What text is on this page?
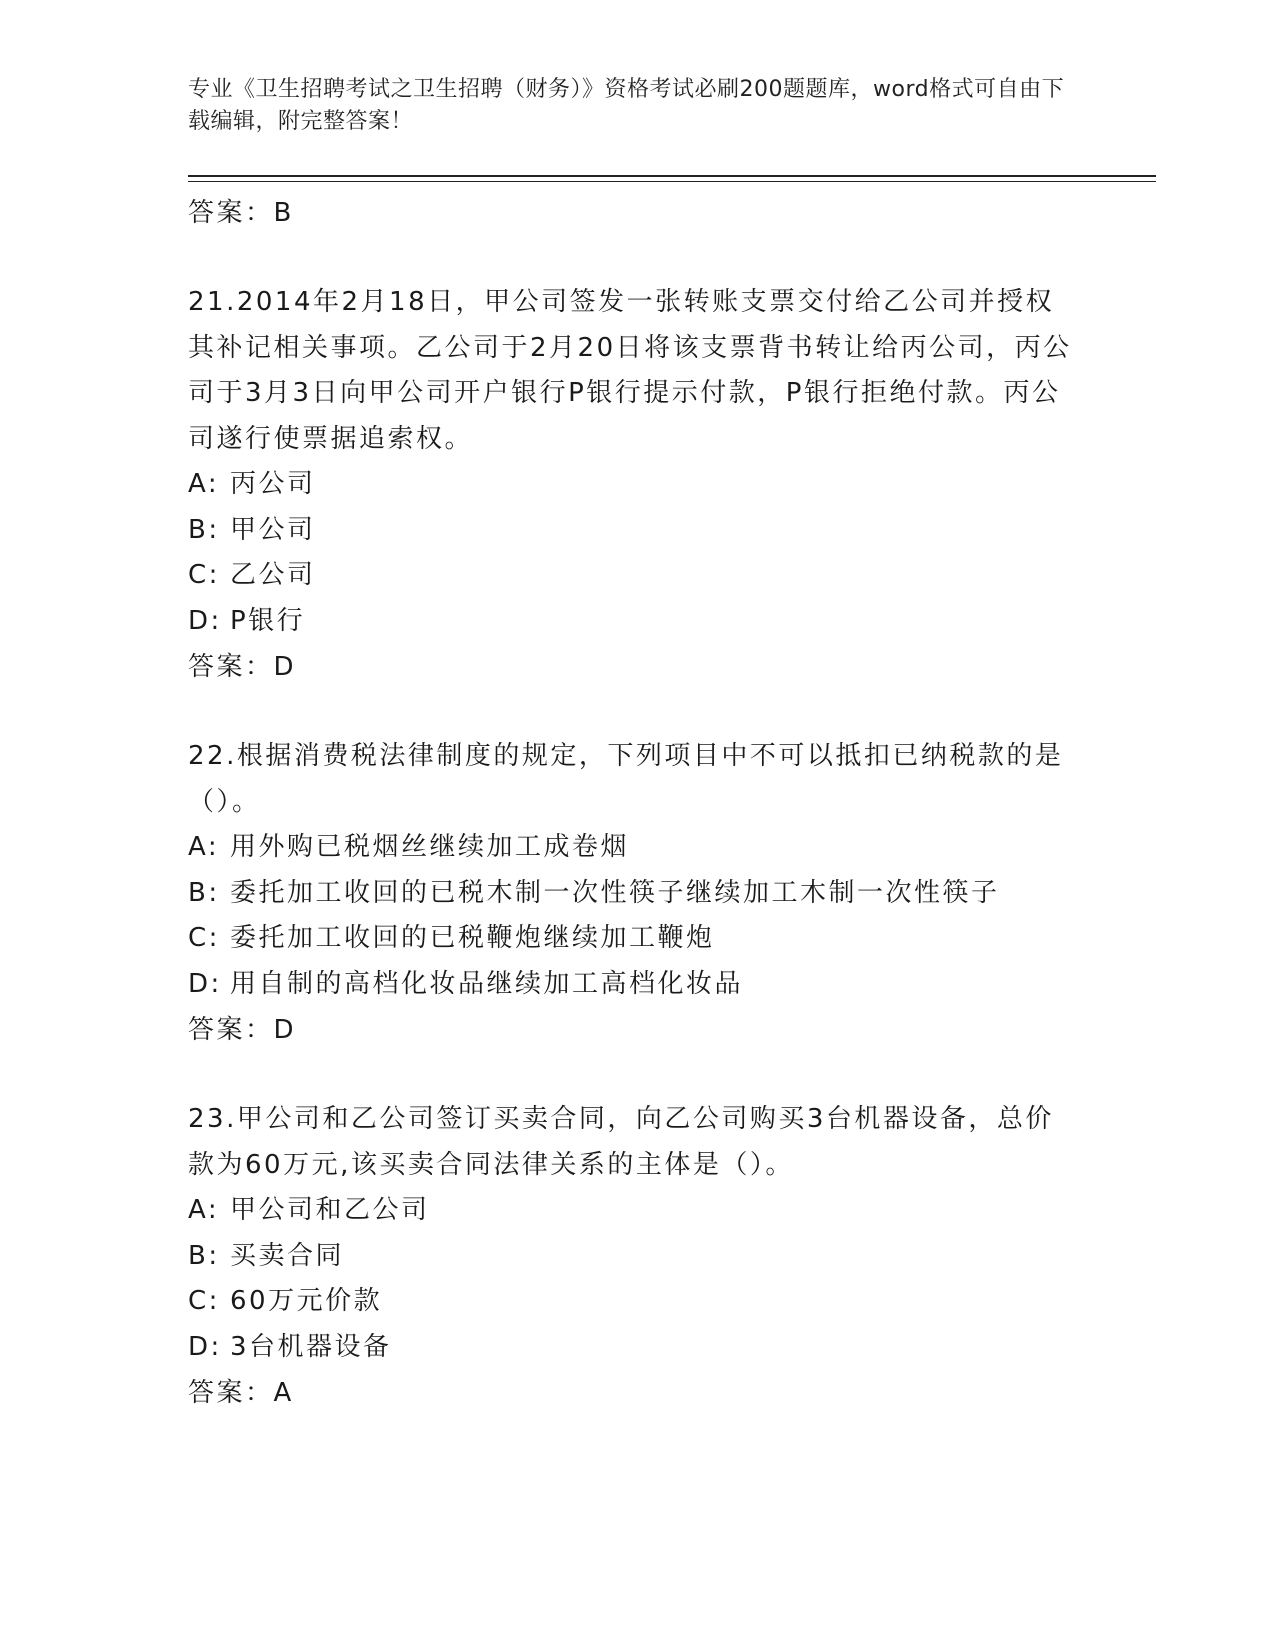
专业《卫生招聘考试之卫生招聘（财务）》资格考试必刷200题题库，word格式可自由下载编辑，附完整答案！

答案：B

21.2014年2月18日，甲公司签发一张转账支票交付给乙公司并授权其补记相关事项。乙公司于2月20日将该支票背书转让给丙公司，丙公司于3月3日向甲公司开户银行P银行提示付款，P银行拒绝付款。丙公司遂行使票据追索权。

A: 丙公司

B: 甲公司

C: 乙公司

D: P银行

答案：D

22.根据消费税法律制度的规定，下列项目中不可以抵扣已纳税款的是（）。

A: 用外购已税烟丝继续加工成卷烟

B: 委托加工收回的已税木制一次性筷子继续加工木制一次性筷子

C: 委托加工收回的已税鞭炮继续加工鞭炮

D: 用自制的高档化妆品继续加工高档化妆品

答案：D

23.甲公司和乙公司签订买卖合同，向乙公司购买3台机器设备，总价款为60万元,该买卖合同法律关系的主体是（）。

A: 甲公司和乙公司

B: 买卖合同

C: 60万元价款

D: 3台机器设备

答案：A
